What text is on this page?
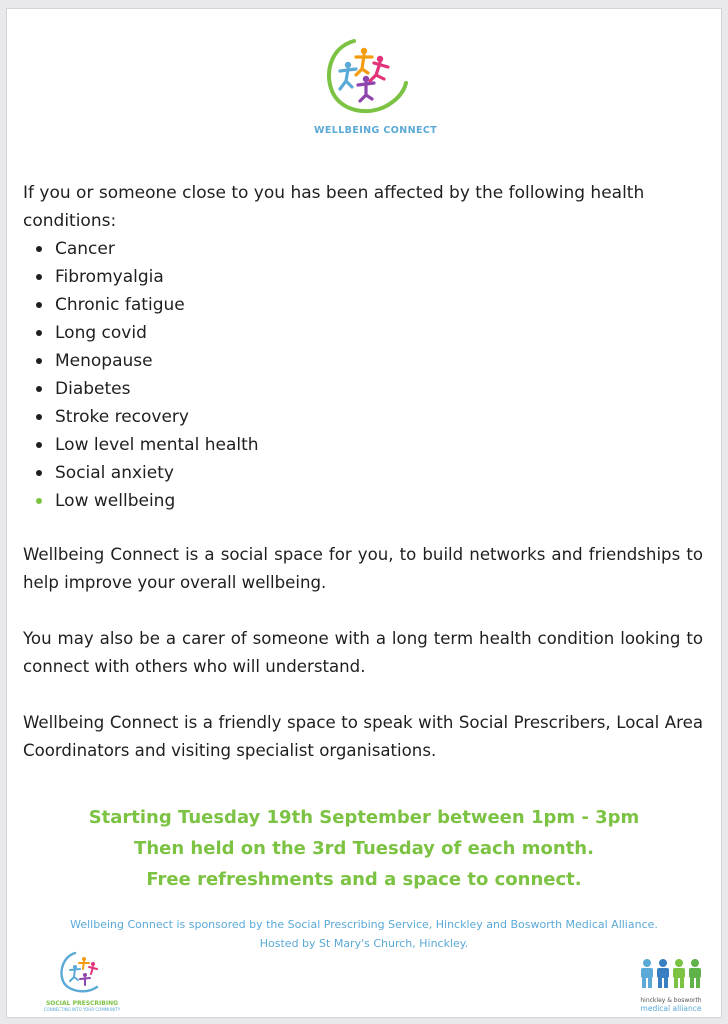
WELLBEING CONNECT

If you or someone close to you has been affected by the following health conditions:

Cancer
Fibromyalgia
Chronic fatigue
Long covid
Menopause
Diabetes
Stroke recovery
Low level mental health
Social anxiety
Low wellbeing

Wellbeing Connect is a social space for you, to build networks and friendships to help improve your overall wellbeing.

You may also be a carer of someone with a long term health condition looking to connect with others who will understand.

Wellbeing Connect is a friendly space to speak with Social Prescribers, Local Area Coordinators and visiting specialist organisations.

Starting Tuesday 19th September between 1pm - 3pm
Then held on the 3rd Tuesday of each month.
Free refreshments and a space to connect.
Wellbeing Connect is sponsored by the Social Prescribing Service, Hinckley and Bosworth Medical Alliance.
Hosted by St Mary's Church, Hinckley.
SOCIAL PRESCRIBING
CONNECTING INTO YOUR COMMUNITY
hinckley & bosworth
medical alliance
